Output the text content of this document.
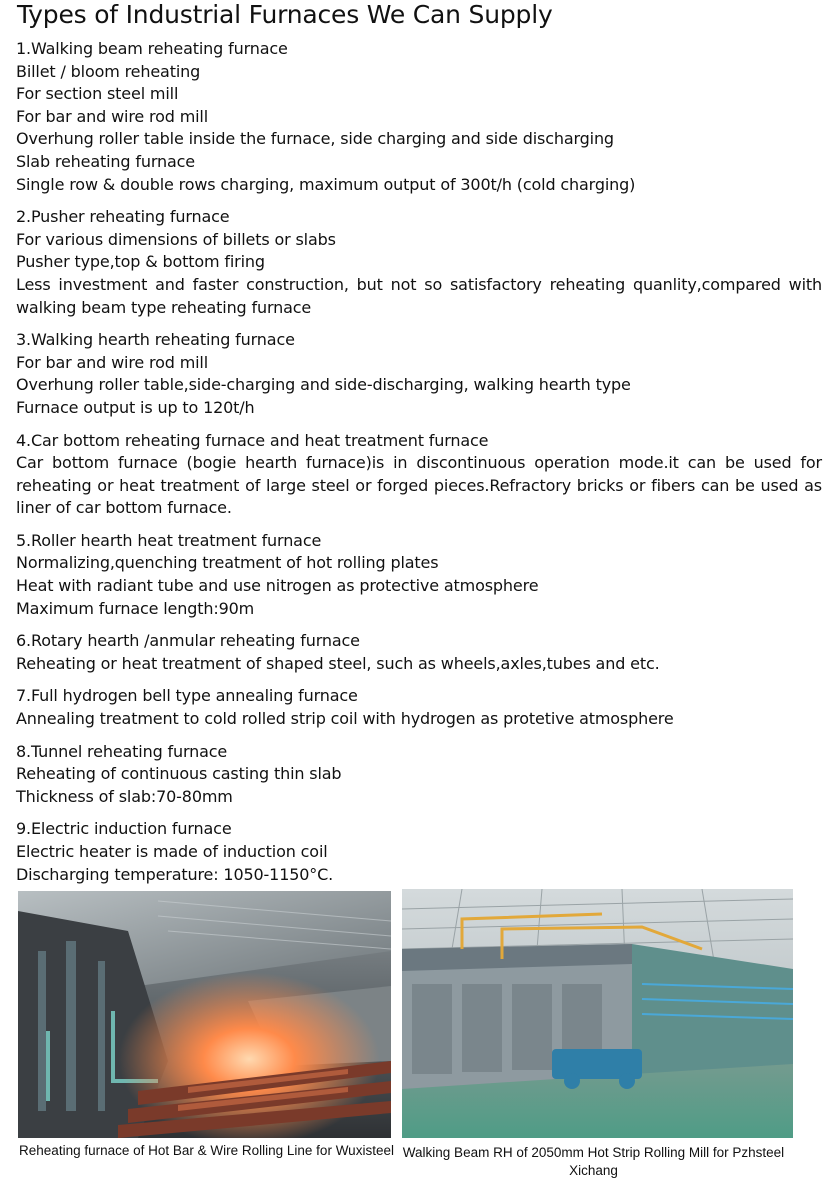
Types of Industrial Furnaces We Can Supply

1.Walking beam reheating furnace

Billet / bloom reheating

For section steel mill

For bar and wire rod mill

Overhung roller table inside the furnace, side charging and side discharging

Slab reheating furnace

Single row & double rows charging, maximum output of 300t/h (cold charging)

2.Pusher reheating furnace

For various dimensions of billets or slabs

Pusher type,top & bottom firing

Less investment and faster construction, but not so satisfactory reheating quanlity,compared with walking beam type reheating furnace

3.Walking hearth reheating furnace

For bar and wire rod mill

Overhung roller table,side-charging and side-discharging, walking hearth type

Furnace output is up to 120t/h

4.Car bottom reheating furnace and heat treatment furnace

Car bottom furnace (bogie hearth furnace)is in discontinuous operation mode.it can be used for reheating or heat treatment of large steel or forged pieces.Refractory bricks or fibers can be used as liner of car bottom furnace.

5.Roller hearth heat treatment furnace

Normalizing,quenching treatment of hot rolling plates

Heat with radiant tube and use nitrogen as protective atmosphere

Maximum furnace length:90m

6.Rotary hearth /anmular reheating furnace

Reheating or heat treatment of shaped steel, such as wheels,axles,tubes and etc.

7.Full hydrogen bell type annealing furnace

Annealing treatment to cold rolled strip coil with hydrogen as protetive atmosphere

8.Tunnel reheating furnace

Reheating of continuous casting thin slab

Thickness of slab:70-80mm

9.Electric induction furnace

Electric heater is made of induction coil

Discharging temperature: 1050-1150°C.

Reheating furnace of Hot Bar & Wire Rolling Line for Wuxisteel Walking Beam RH of 2050mm Hot Strip Rolling Mill for Pzhsteel Xichang
